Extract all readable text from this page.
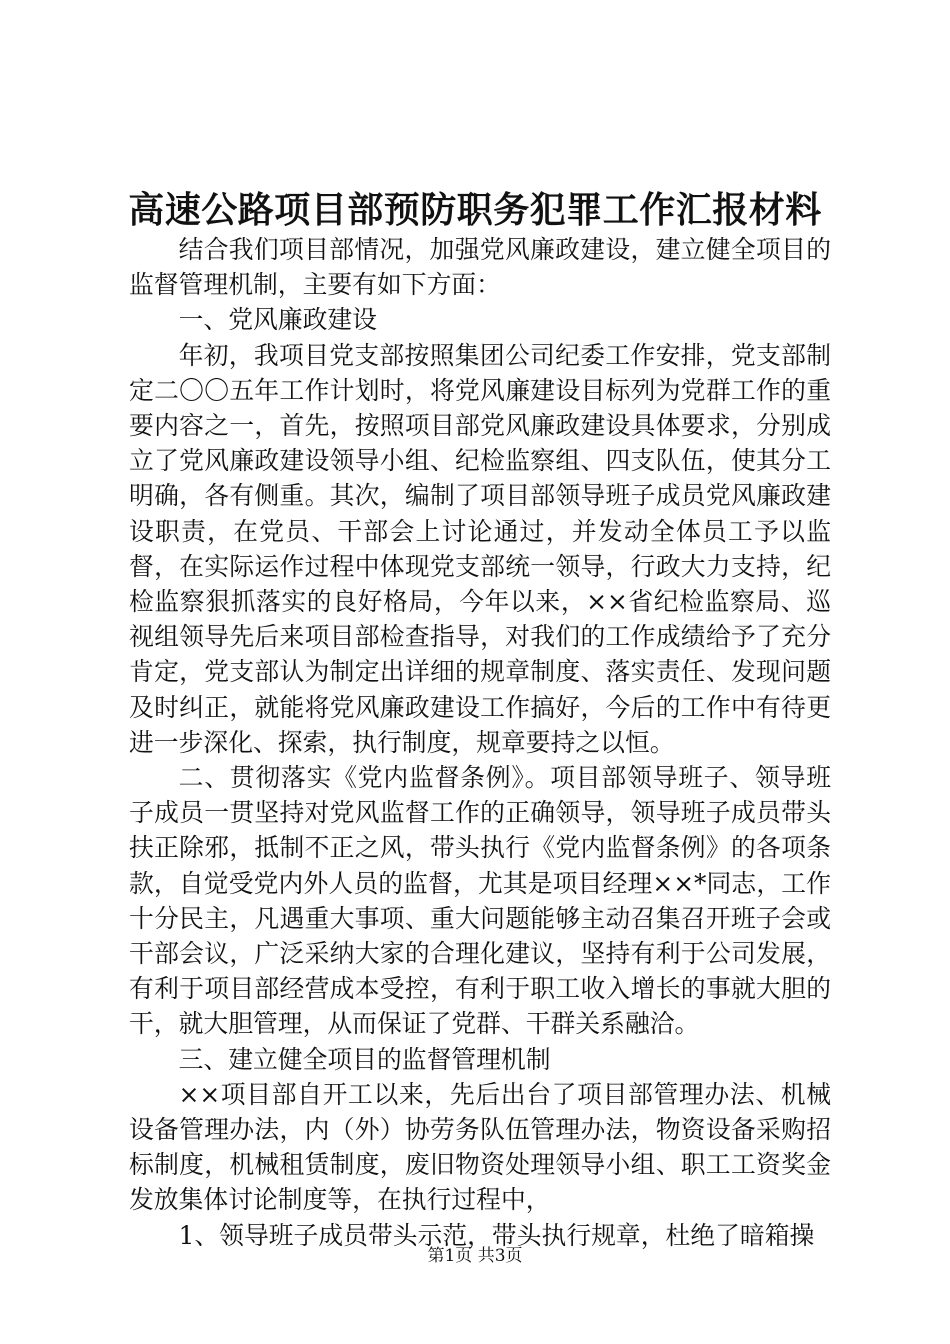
高速公路项目部预防职务犯罪工作汇报材料

结合我们项目部情况，加强党风廉政建设，建立健全项目的监督管理机制，主要有如下方面：

一、党风廉政建设

年初，我项目党支部按照集团公司纪委工作安排，党支部制定二〇〇五年工作计划时，将党风廉建设目标列为党群工作的重要内容之一，首先，按照项目部党风廉政建设具体要求，分别成立了党风廉政建设领导小组、纪检监察组、四支队伍，使其分工明确，各有侧重。其次，编制了项目部领导班子成员党风廉政建设职责，在党员、干部会上讨论通过，并发动全体员工予以监督，在实际运作过程中体现党支部统一领导，行政大力支持，纪检监察狠抓落实的良好格局，今年以来，××省纪检监察局、巡视组领导先后来项目部检查指导，对我们的工作成绩给予了充分肯定，党支部认为制定出详细的规章制度、落实责任、发现问题及时纠正，就能将党风廉政建设工作搞好，今后的工作中有待更进一步深化、探索，执行制度，规章要持之以恒。

二、贯彻落实《党内监督条例》。项目部领导班子、领导班子成员一贯坚持对党风监督工作的正确领导，领导班子成员带头扶正除邪，抵制不正之风，带头执行《党内监督条例》的各项条款，自觉受党内外人员的监督，尤其是项目经理××*同志，工作十分民主，凡遇重大事项、重大问题能够主动召集召开班子会或干部会议，广泛采纳大家的合理化建议，坚持有利于公司发展，有利于项目部经营成本受控，有利于职工收入增长的事就大胆的干，就大胆管理，从而保证了党群、干群关系融洽。

三、建立健全项目的监督管理机制

××项目部自开工以来，先后出台了项目部管理办法、机械设备管理办法，内（外）协劳务队伍管理办法，物资设备采购招标制度，机械租赁制度，废旧物资处理领导小组、职工工资奖金发放集体讨论制度等，在执行过程中，

1、领导班子成员带头示范，带头执行规章，杜绝了暗箱操

第1页 共3页
